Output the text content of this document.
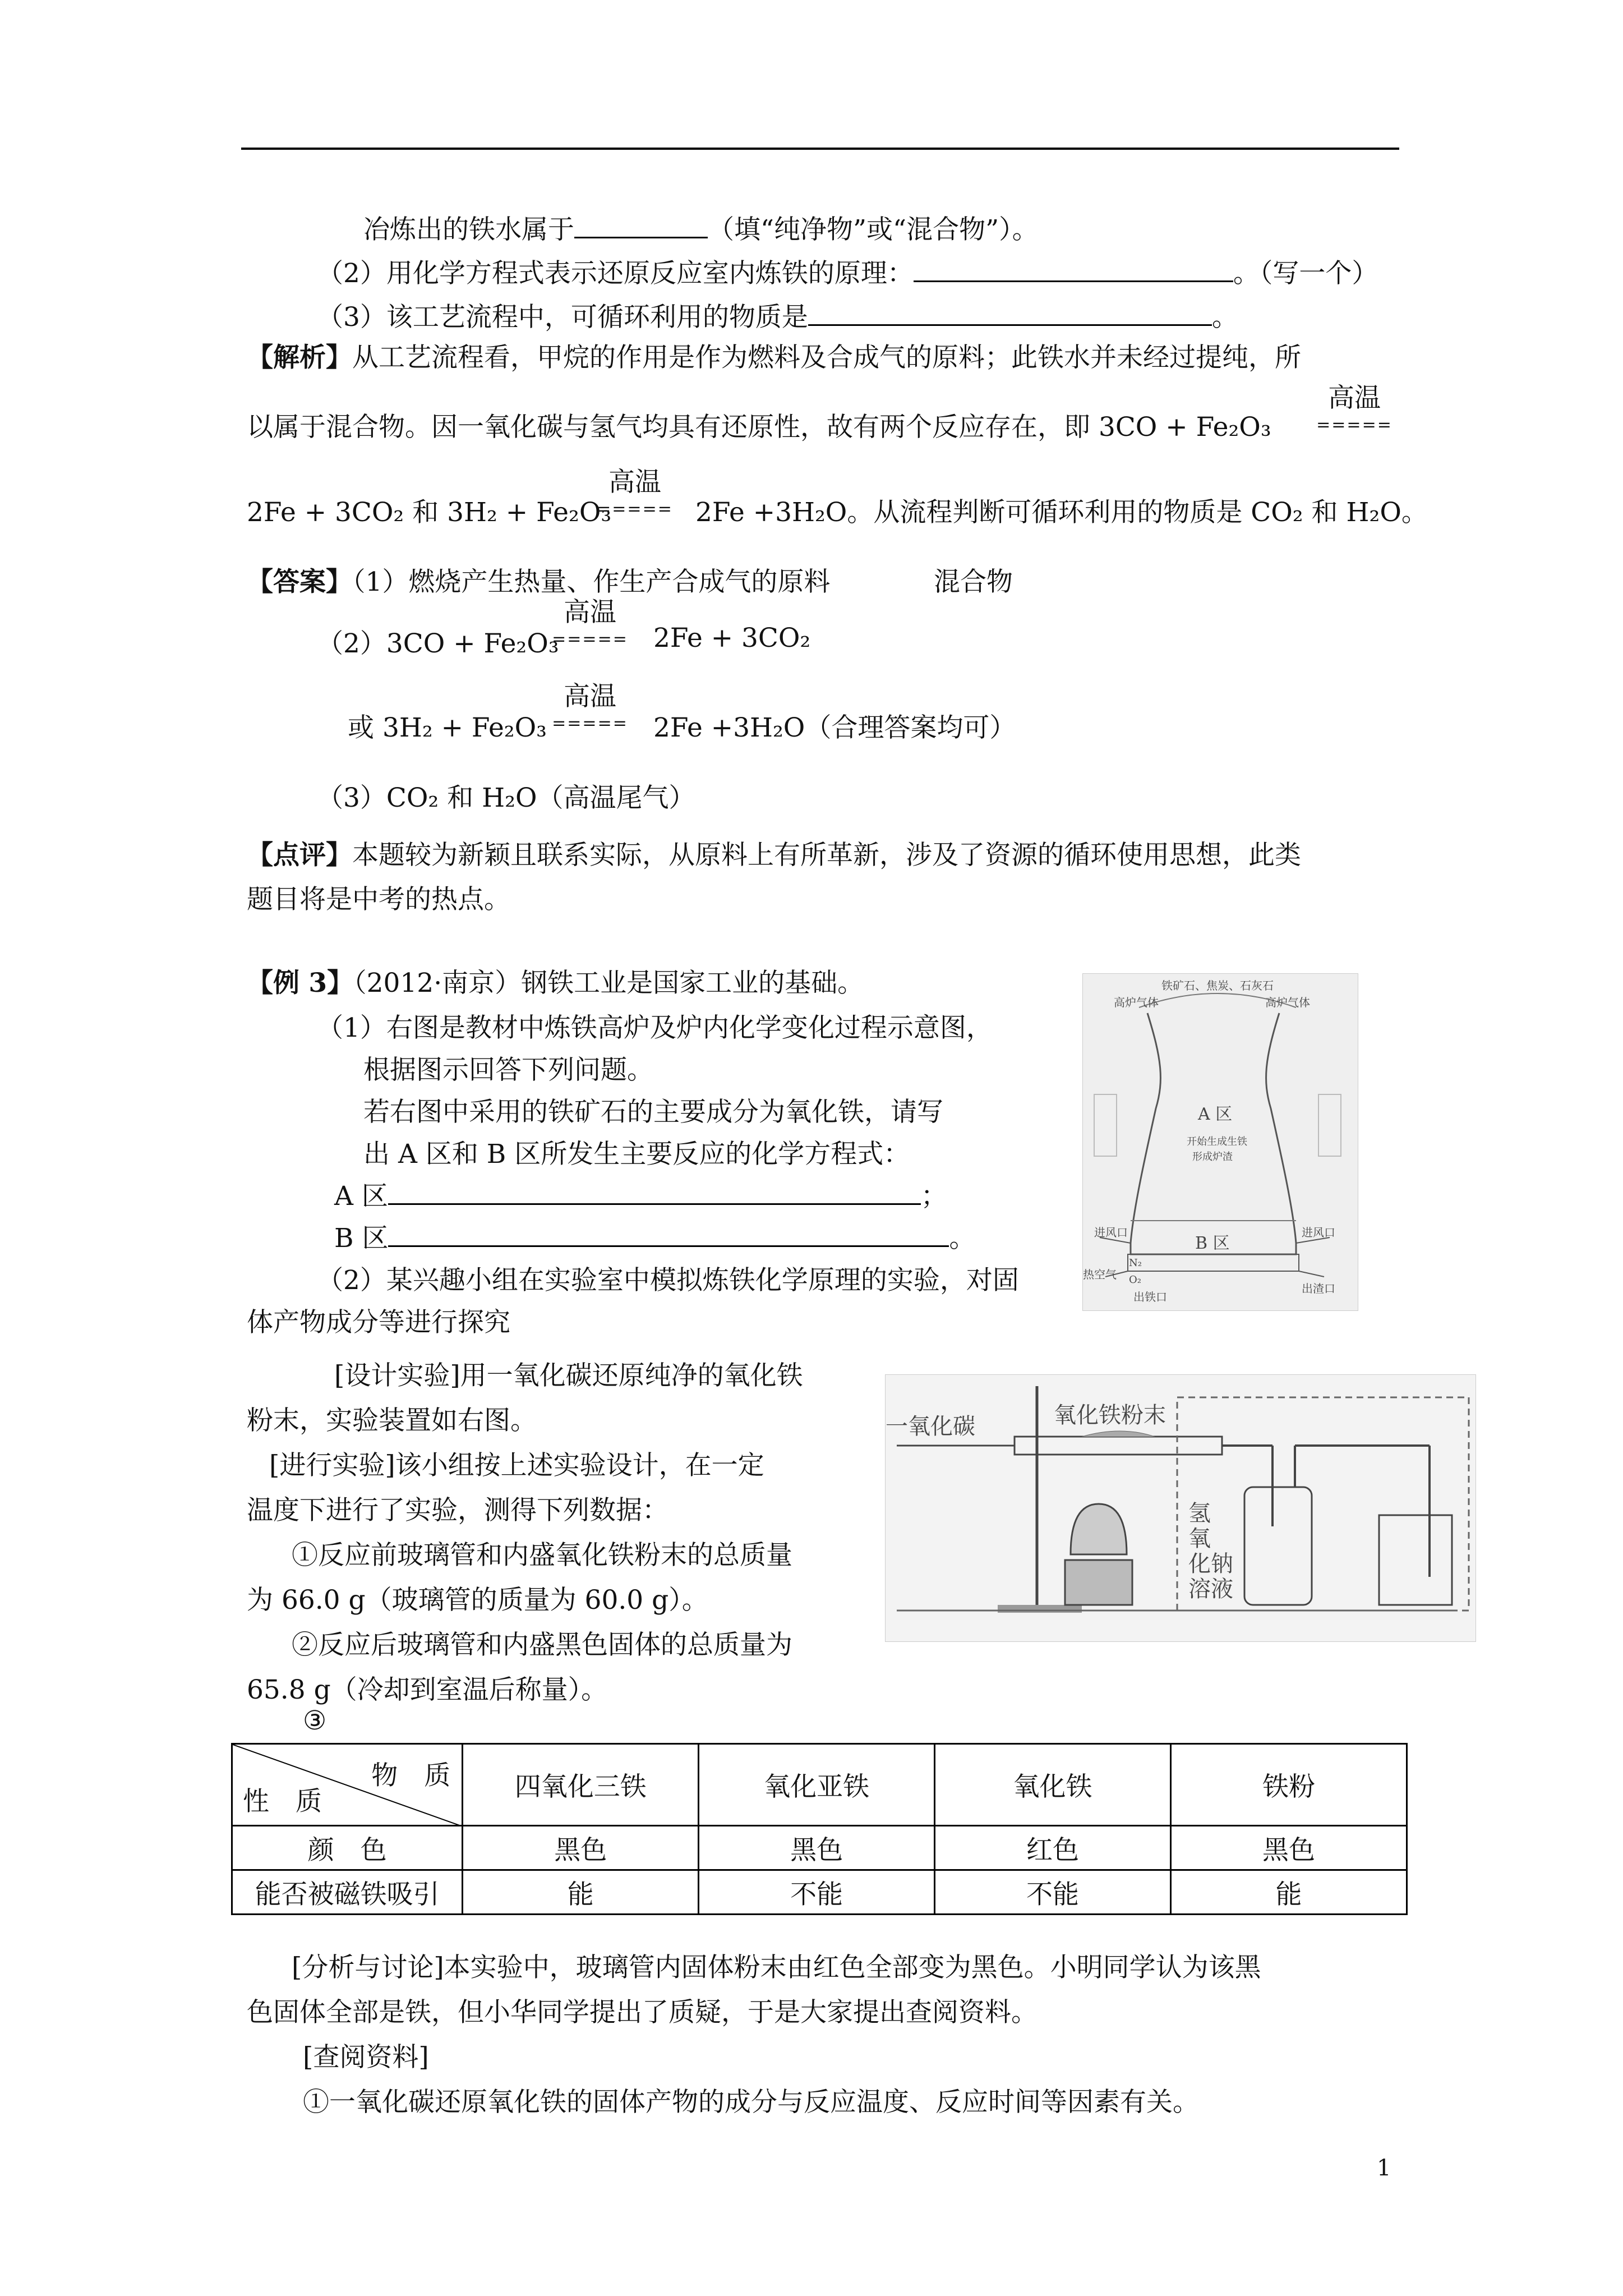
冶炼出的铁水属于	（填“纯净物”或“混合物”）。
（2）用化学方程式表示还原反应室内炼铁的原理：	。（写一个）
（3）该工艺流程中，可循环利用的物质是	。
【解析】从工艺流程看，甲烷的作用是作为燃料及合成气的原料；此铁水并未经过提纯，所
以属于混合物。因一氧化碳与氢气均具有还原性，故有两个反应存在，即 3CO + Fe₂O₃
高温
=====
2Fe + 3CO₂ 和 3H₂ + Fe₂O₃
高温
===== 2Fe +3H₂O。从流程判断可循环利用的物质是 CO₂ 和 H₂O。
【答案】（1）燃烧产生热量、作生产合成气的原料	混合物
（2）3CO + Fe₂O₃
高温
===== 2Fe + 3CO₂
或 3H₂ + Fe₂O₃
高温
===== 2Fe +3H₂O（合理答案均可）
（3）CO₂ 和 H₂O（高温尾气）
【点评】本题较为新颖且联系实际，从原料上有所革新，涉及了资源的循环使用思想，此类
题目将是中考的热点。
【例 3】（2012·南京）钢铁工业是国家工业的基础。
（1）右图是教材中炼铁高炉及炉内化学变化过程示意图，
根据图示回答下列问题。
若右图中采用的铁矿石的主要成分为氧化铁，请写
出 A 区和 B 区所发生主要反应的化学方程式：
A 区	；
B 区	。
（2）某兴趣小组在实验室中模拟炼铁化学原理的实验，对固
体产物成分等进行探究
[设计实验]用一氧化碳还原纯净的氧化铁
粉末，实验装置如右图。
[进行实验]该小组按上述实验设计，在一定
温度下进行了实验，测得下列数据：
①反应前玻璃管和内盛氧化铁粉末的总质量
为 66.0 g（玻璃管的质量为 60.0 g）。
②反应后玻璃管和内盛黑色固体的总质量为
65.8 g（冷却到室温后称量）。
③
铁矿石、焦炭、石灰石
高炉气体	高炉气体
A 区
开始生成生铁
形成炉渣
进风口	进风口
B 区
热空气
N₂
O₂
出铁口
出渣口
一氧化碳	氧化铁粉末
氢
氧
化钠
溶液
物　质
性　质	四氧化三铁	氧化亚铁	氧化铁	铁粉
颜　色	黑色	黑色	红色	黑色
能否被磁铁吸引	能	不能	不能	能
[分析与讨论]本实验中，玻璃管内固体粉末由红色全部变为黑色。小明同学认为该黑
色固体全部是铁，但小华同学提出了质疑，于是大家提出查阅资料。
[查阅资料]
①一氧化碳还原氧化铁的固体产物的成分与反应温度、反应时间等因素有关。
1
